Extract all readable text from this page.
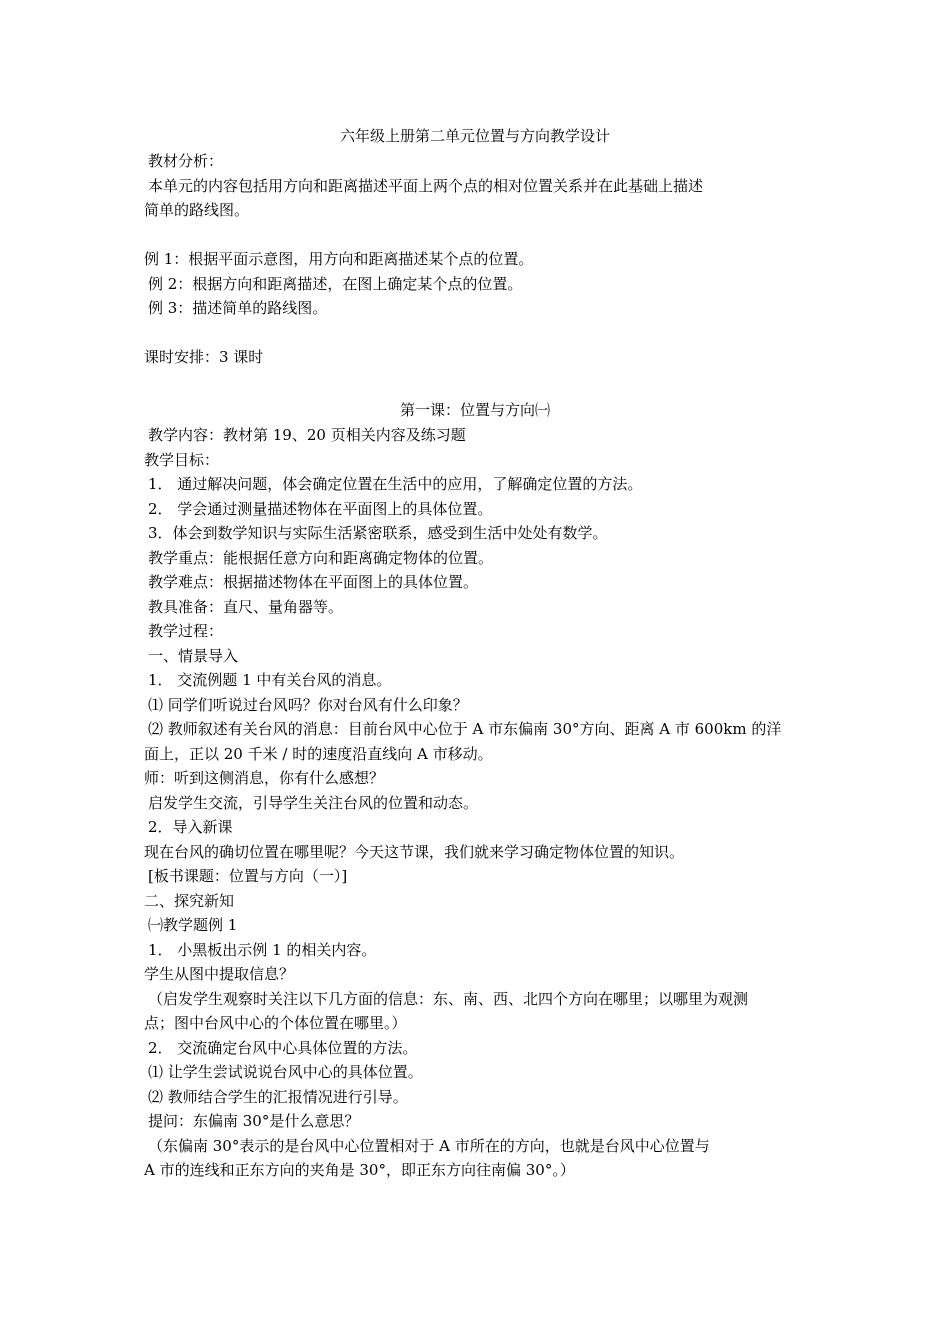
六年级上册第二单元位置与方向教学设计
教材分析：
本单元的内容包括用方向和距离描述平面上两个点的相对位置关系并在此基础上描述
简单的路线图。
例 1：根据平面示意图，用方向和距离描述某个点的位置。
例 2：根据方向和距离描述，在图上确定某个点的位置。
例 3：描述简单的路线图。
课时安排：3 课时
第一课：位置与方向㈠
教学内容：教材第 19、20 页相关内容及练习题
教学目标：
1． 通过解决问题，体会确定位置在生活中的应用，了解确定位置的方法。
2． 学会通过测量描述物体在平面图上的具体位置。
3．体会到数学知识与实际生活紧密联系，感受到生活中处处有数学。
教学重点：能根据任意方向和距离确定物体的位置。
教学难点：根据描述物体在平面图上的具体位置。
教具准备：直尺、量角器等。
教学过程：
一、情景导入
1． 交流例题 1 中有关台风的消息。
⑴ 同学们听说过台风吗？你对台风有什么印象？
⑵ 教师叙述有关台风的消息：目前台风中心位于 A 市东偏南 30°方向、距离 A 市 600km 的洋
面上，正以 20 千米 / 时的速度沿直线向 A 市移动。
师：听到这侧消息，你有什么感想？
启发学生交流，引导学生关注台风的位置和动态。
2．导入新课
现在台风的确切位置在哪里呢？今天这节课，我们就来学习确定物体位置的知识。
[板书课题：位置与方向（一）]
二、探究新知
㈠教学题例 1
1． 小黑板出示例 1 的相关内容。
学生从图中提取信息？
（启发学生观察时关注以下几方面的信息：东、南、西、北四个方向在哪里；以哪里为观测
点；图中台风中心的个体位置在哪里。）
2． 交流确定台风中心具体位置的方法。
⑴ 让学生尝试说说台风中心的具体位置。
⑵ 教师结合学生的汇报情况进行引导。
提问：东偏南 30°是什么意思？
（东偏南 30°表示的是台风中心位置相对于 A 市所在的方向，也就是台风中心位置与
A 市的连线和正东方向的夹角是 30°，即正东方向往南偏 30°。）
